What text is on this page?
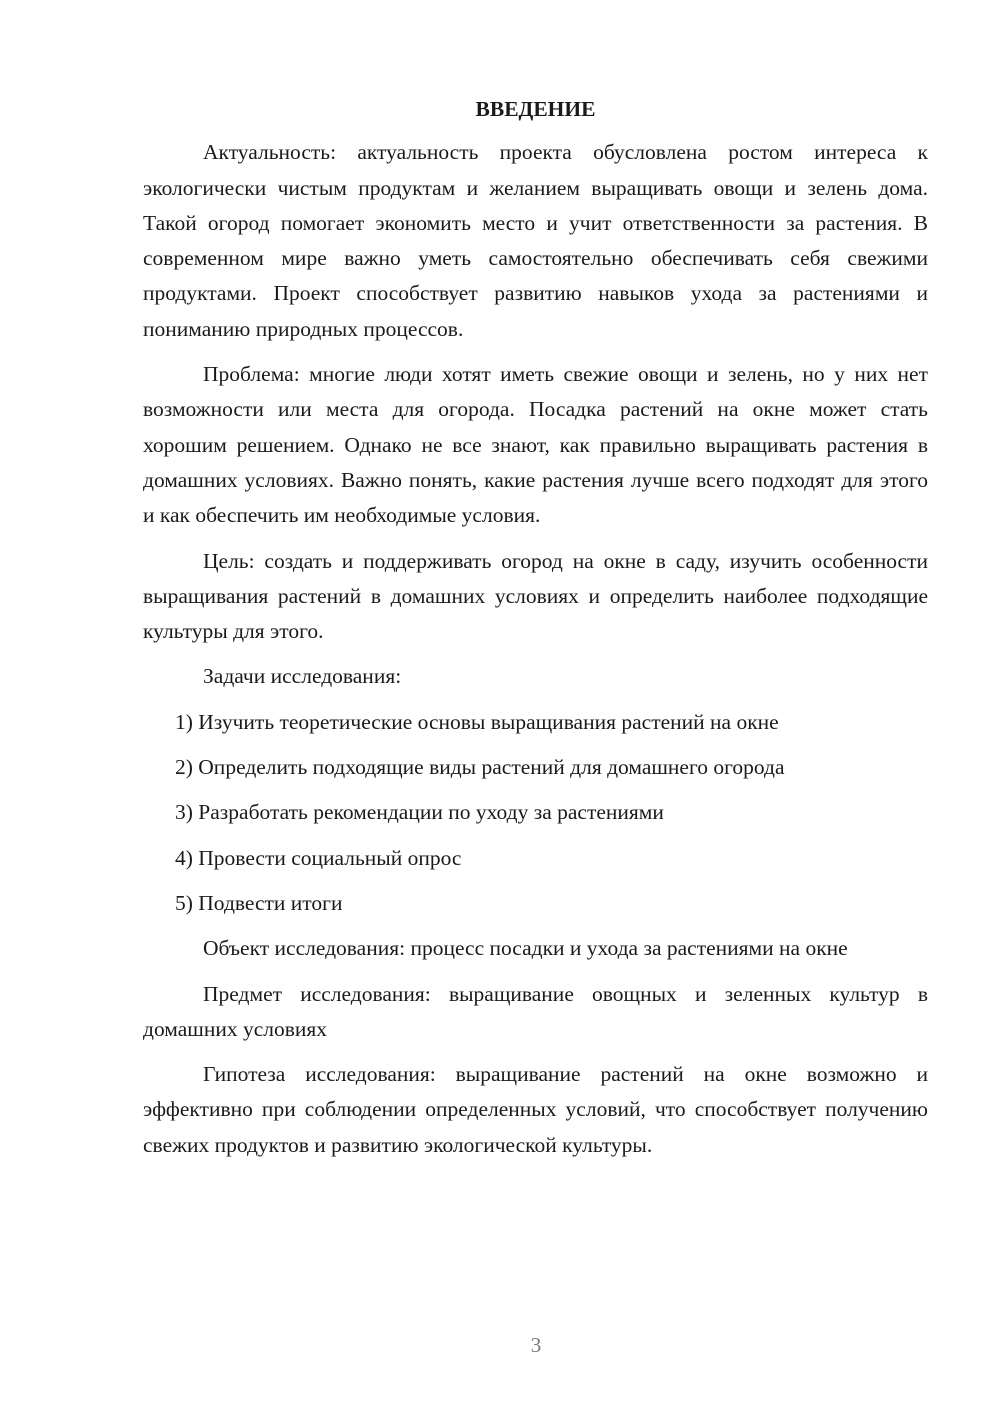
ВВЕДЕНИЕ

Актуальность: актуальность проекта обусловлена ростом интереса к экологически чистым продуктам и желанием выращивать овощи и зелень дома. Такой огород помогает экономить место и учит ответственности за растения. В современном мире важно уметь самостоятельно обеспечивать себя свежими продуктами. Проект способствует развитию навыков ухода за растениями и пониманию природных процессов.

Проблема: многие люди хотят иметь свежие овощи и зелень, но у них нет возможности или места для огорода. Посадка растений на окне может стать хорошим решением. Однако не все знают, как правильно выращивать растения в домашних условиях. Важно понять, какие растения лучше всего подходят для этого и как обеспечить им необходимые условия.

Цель: создать и поддерживать огород на окне в саду, изучить особенности выращивания растений в домашних условиях и определить наиболее подходящие культуры для этого.

Задачи исследования:

1) Изучить теоретические основы выращивания растений на окне
2) Определить подходящие виды растений для домашнего огорода
3) Разработать рекомендации по уходу за растениями
4) Провести социальный опрос
5) Подвести итоги

Объект исследования: процесс посадки и ухода за растениями на окне

Предмет исследования: выращивание овощных и зеленных культур в домашних условиях

Гипотеза исследования: выращивание растений на окне возможно и эффективно при соблюдении определенных условий, что способствует получению свежих продуктов и развитию экологической культуры.

3
